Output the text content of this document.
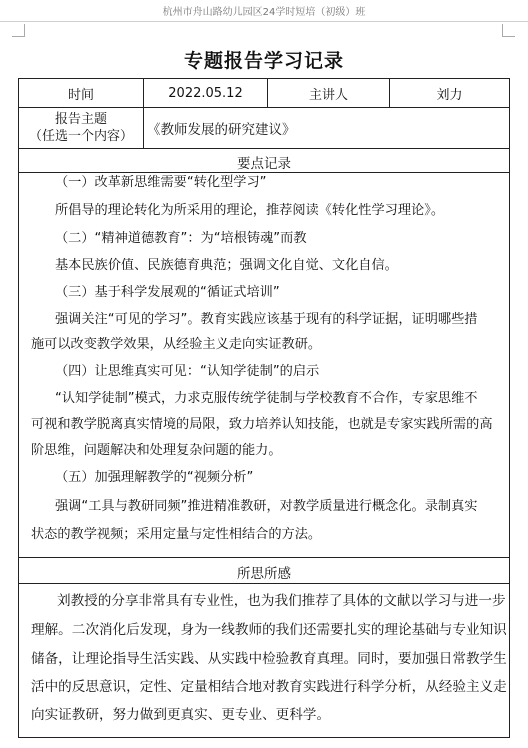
杭州市舟山路幼儿园区24学时短培（初级）班
专题报告学习记录
时间	2022.05.12	主讲人	刘力
报告主题
（任选一个内容）	《教师发展的研究建议》
要点记录
（一）改革新思维需要“转化型学习”
所倡导的理论转化为所采用的理论，推荐阅读《转化性学习理论》。
（二）“精神道德教育”：为“培根铸魂”而教
基本民族价值、民族德育典范；强调文化自觉、文化自信。
（三）基于科学发展观的“循证式培训”
强调关注“可见的学习”。教育实践应该基于现有的科学证据，证明哪些措
施可以改变教学效果，从经验主义走向实证教研。
（四）让思维真实可见：“认知学徒制”的启示
“认知学徒制”模式，力求克服传统学徒制与学校教育不合作，专家思维不
可视和教学脱离真实情境的局限，致力培养认知技能，也就是专家实践所需的高
阶思维，问题解决和处理复杂问题的能力。
（五）加强理解教学的“视频分析”
强调“工具与教研同频”推进精准教研，对教学质量进行概念化。录制真实
状态的教学视频；采用定量与定性相结合的方法。
所思所感
刘教授的分享非常具有专业性，也为我们推荐了具体的文献以学习与进一步
理解。二次消化后发现，身为一线教师的我们还需要扎实的理论基础与专业知识
储备，让理论指导生活实践、从实践中检验教育真理。同时，要加强日常教学生
活中的反思意识，定性、定量相结合地对教育实践进行科学分析，从经验主义走
向实证教研，努力做到更真实、更专业、更科学。
